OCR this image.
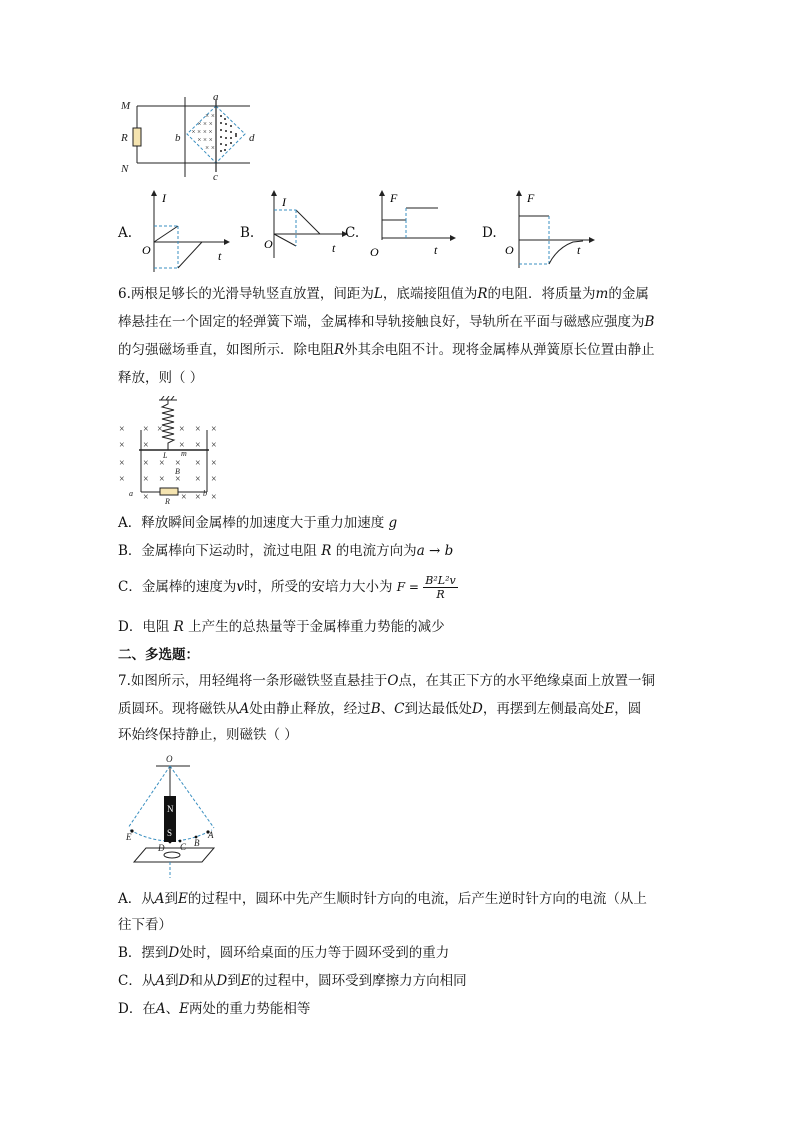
× ×
× × ×
× × × ×
× × ×
× ×
M
R
N
a
b
c
d
A.
I
t
O
B.
I
t
O
C.
F
t
O
D.
F
t
O
6.两根足够长的光滑导轨竖直放置，间距为L，底端接阻值为R的电阻．将质量为m的金属
棒悬挂在一个固定的轻弹簧下端，金属棒和导轨接触良好，导轨所在平面与磁感应强度为B
的匀强磁场垂直，如图所示．除电阻R外其余电阻不计。现将金属棒从弹簧原长位置由静止
释放，则（ ）
×
×
×
×
×
×
×
×
×
× × × ×
×	× ×
× × × ×
× × × ×
×	× ×
L m
B
a	b
R
A．释放瞬间金属棒的加速度大于重力加速度 g
B．金属棒向下运动时，流过电阻 R 的电流方向为a → b
C．金属棒的速度为v时，所受的安培力大小为 $F = \frac{\text{B²L²v}}{R}$
D．电阻 R 上产生的总热量等于金属棒重力势能的减少
二、多选题：
7.如图所示，用轻绳将一条形磁铁竖直悬挂于O点，在其正下方的水平绝缘桌面上放置一铜
质圆环。现将磁铁从A处由静止释放，经过B、C到达最低处D，再摆到左侧最高处E，圆
环始终保持静止，则磁铁（ ）
N
S
O
E
D C B
A
A．从A到E的过程中，圆环中先产生顺时针方向的电流，后产生逆时针方向的电流（从上
往下看）
B．摆到D处时，圆环给桌面的压力等于圆环受到的重力
C．从A到D和从D到E的过程中，圆环受到摩擦力方向相同
D．在A、E两处的重力势能相等
